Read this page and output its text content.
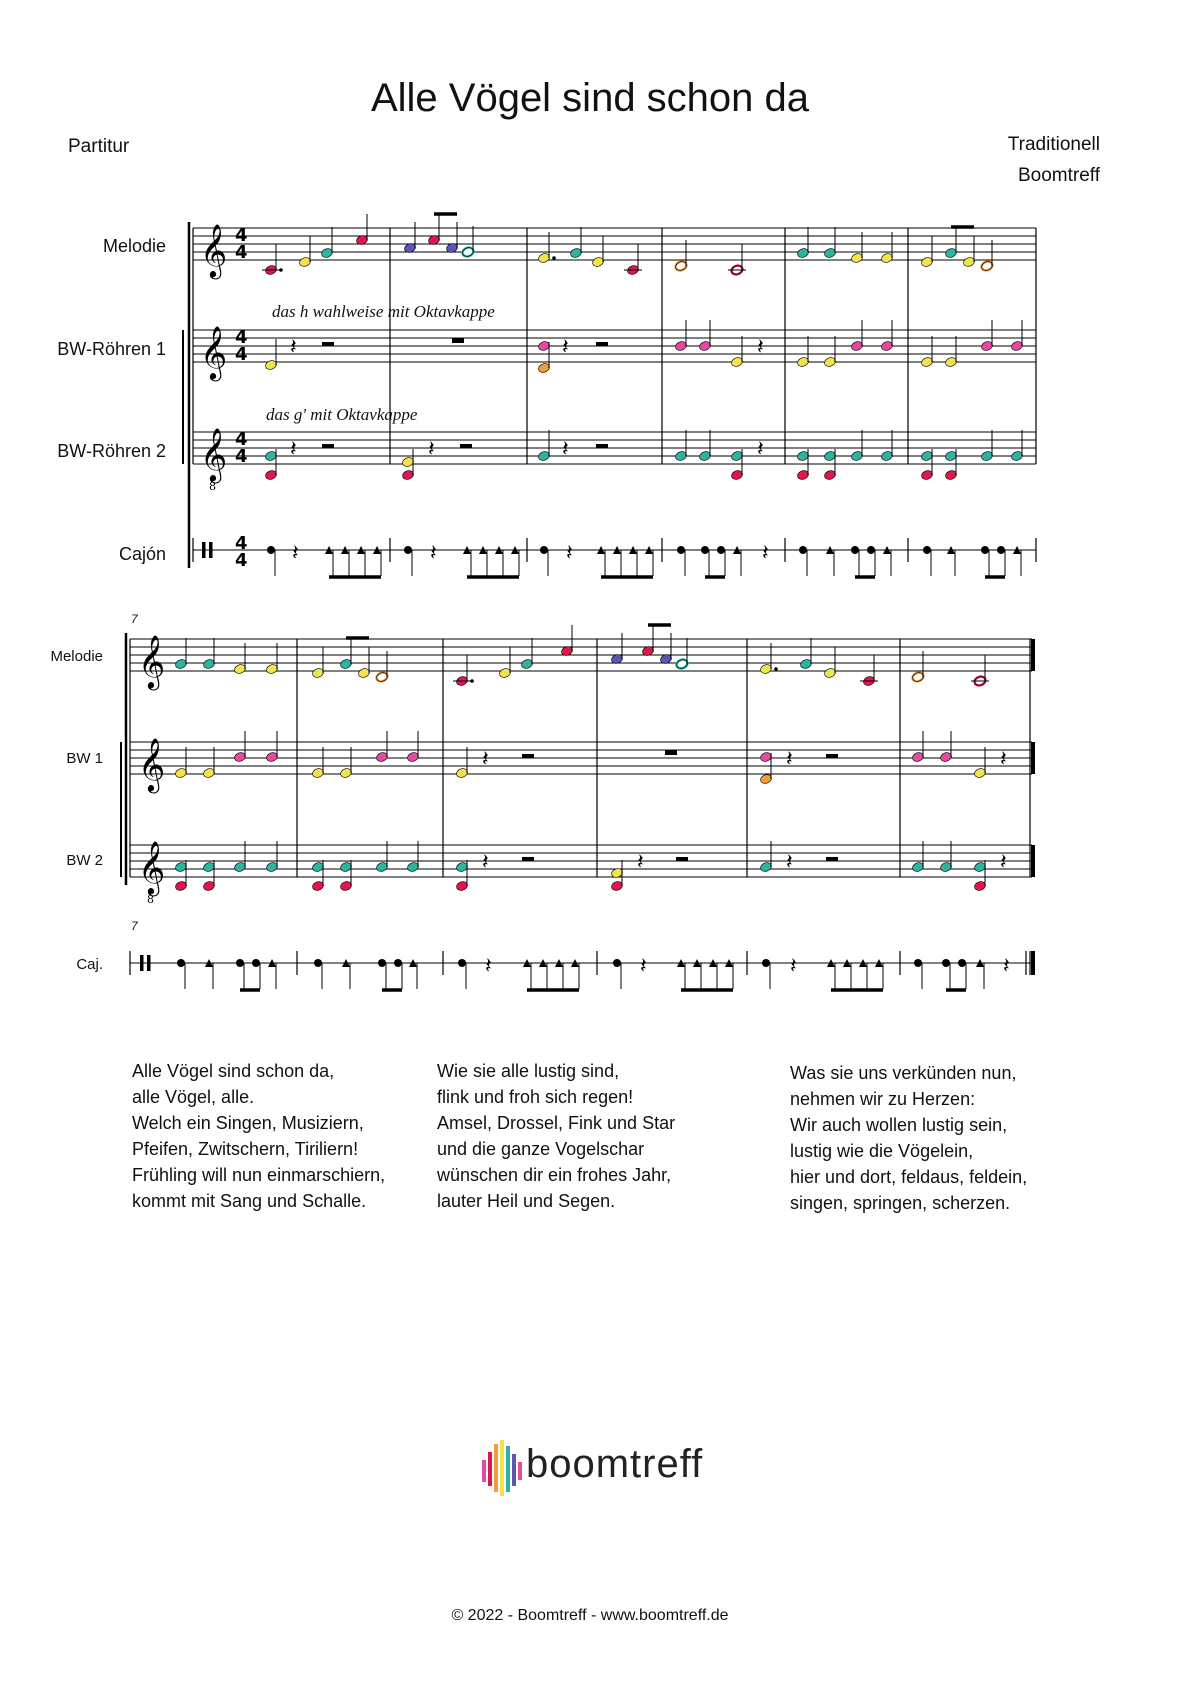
Alle Vögel sind schon da
Partitur	Traditionell
Boomtreff
Melodie
BW-Röhren 1
BW-Röhren 2
Cajón
das h wahlweise mit Oktavkappe
das g' mit Oktavkappe
7
Melodie
BW 1
BW 2
Caj.
7
𝄞
𝄞
𝄞
8
4
4
4
4
4
4
4
4
𝄽	𝄽	𝄽
𝄽	𝄽	𝄽	𝄽
𝄽	𝄽	𝄽	𝄽
𝄞
𝄞
𝄞
8
𝄽	𝄽	𝄽
𝄽	𝄽	𝄽	𝄽
𝄽	𝄽	𝄽	𝄽
Alle Vögel sind schon da,
alle Vögel, alle.
Welch ein Singen, Musiziern,
Pfeifen, Zwitschern, Tiriliern!
Frühling will nun einmarschiern,
kommt mit Sang und Schalle.
Wie sie alle lustig sind,
flink und froh sich regen!
Amsel, Drossel, Fink und Star
und die ganze Vogelschar
wünschen dir ein frohes Jahr,
lauter Heil und Segen.
Was sie uns verkünden nun,
nehmen wir zu Herzen:
Wir auch wollen lustig sein,
lustig wie die Vögelein,
hier und dort, feldaus, feldein,
singen, springen, scherzen.
boomtreff
© 2022 - Boomtreff - www.boomtreff.de
